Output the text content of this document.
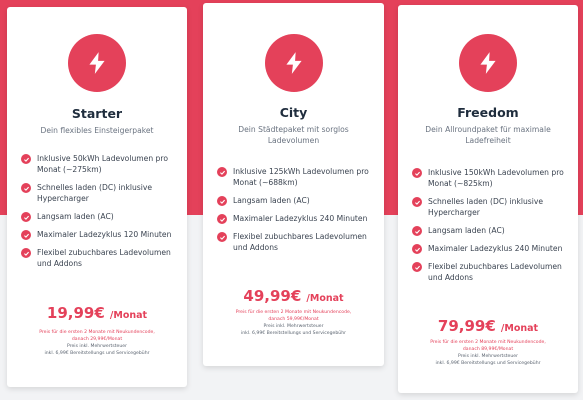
Starter
Dein flexibles Einsteigerpaket
Inklusive 50kWh Ladevolumen pro Monat (~275km)
Schnelles laden (DC) inklusive Hypercharger
Langsam laden (AC)
Maximaler Ladezyklus 120 Minuten
Flexibel zubuchbares Ladevolumen und Addons
19,99€ /Monat
Preis für die ersten 2 Monate mit Neukundencode,
danach 29,99€/Monat
Preis inkl. Mehrwertsteuer
inkl. 6,99€ Bereitstellungs und Servicegebühr
City
Dein Städtepaket mit sorglos Ladevolumen
Inklusive 125kWh Ladevolumen pro Monat (~688km)
Langsam laden (AC)
Maximaler Ladezyklus 240 Minuten
Flexibel zubuchbares Ladevolumen und Addons
49,99€ /Monat
Preis für die ersten 2 Monate mit Neukundencode,
danach 59,99€/Monat
Preis inkl. Mehrwertsteuer
inkl. 6,99€ Bereitstellungs und Servicegebühr
Freedom
Dein Allroundpaket für maximale Ladefreiheit
Inklusive 150kWh Ladevolumen pro Monat (~825km)
Schnelles laden (DC) inklusive Hypercharger
Langsam laden (AC)
Maximaler Ladezyklus 240 Minuten
Flexibel zubuchbares Ladevolumen und Addons
79,99€ /Monat
Preis für die ersten 2 Monate mit Neukundencode,
danach 89,99€/Monat
Preis inkl. Mehrwertsteuer
inkl. 6,99€ Bereitstellungs und Servicegebühr
